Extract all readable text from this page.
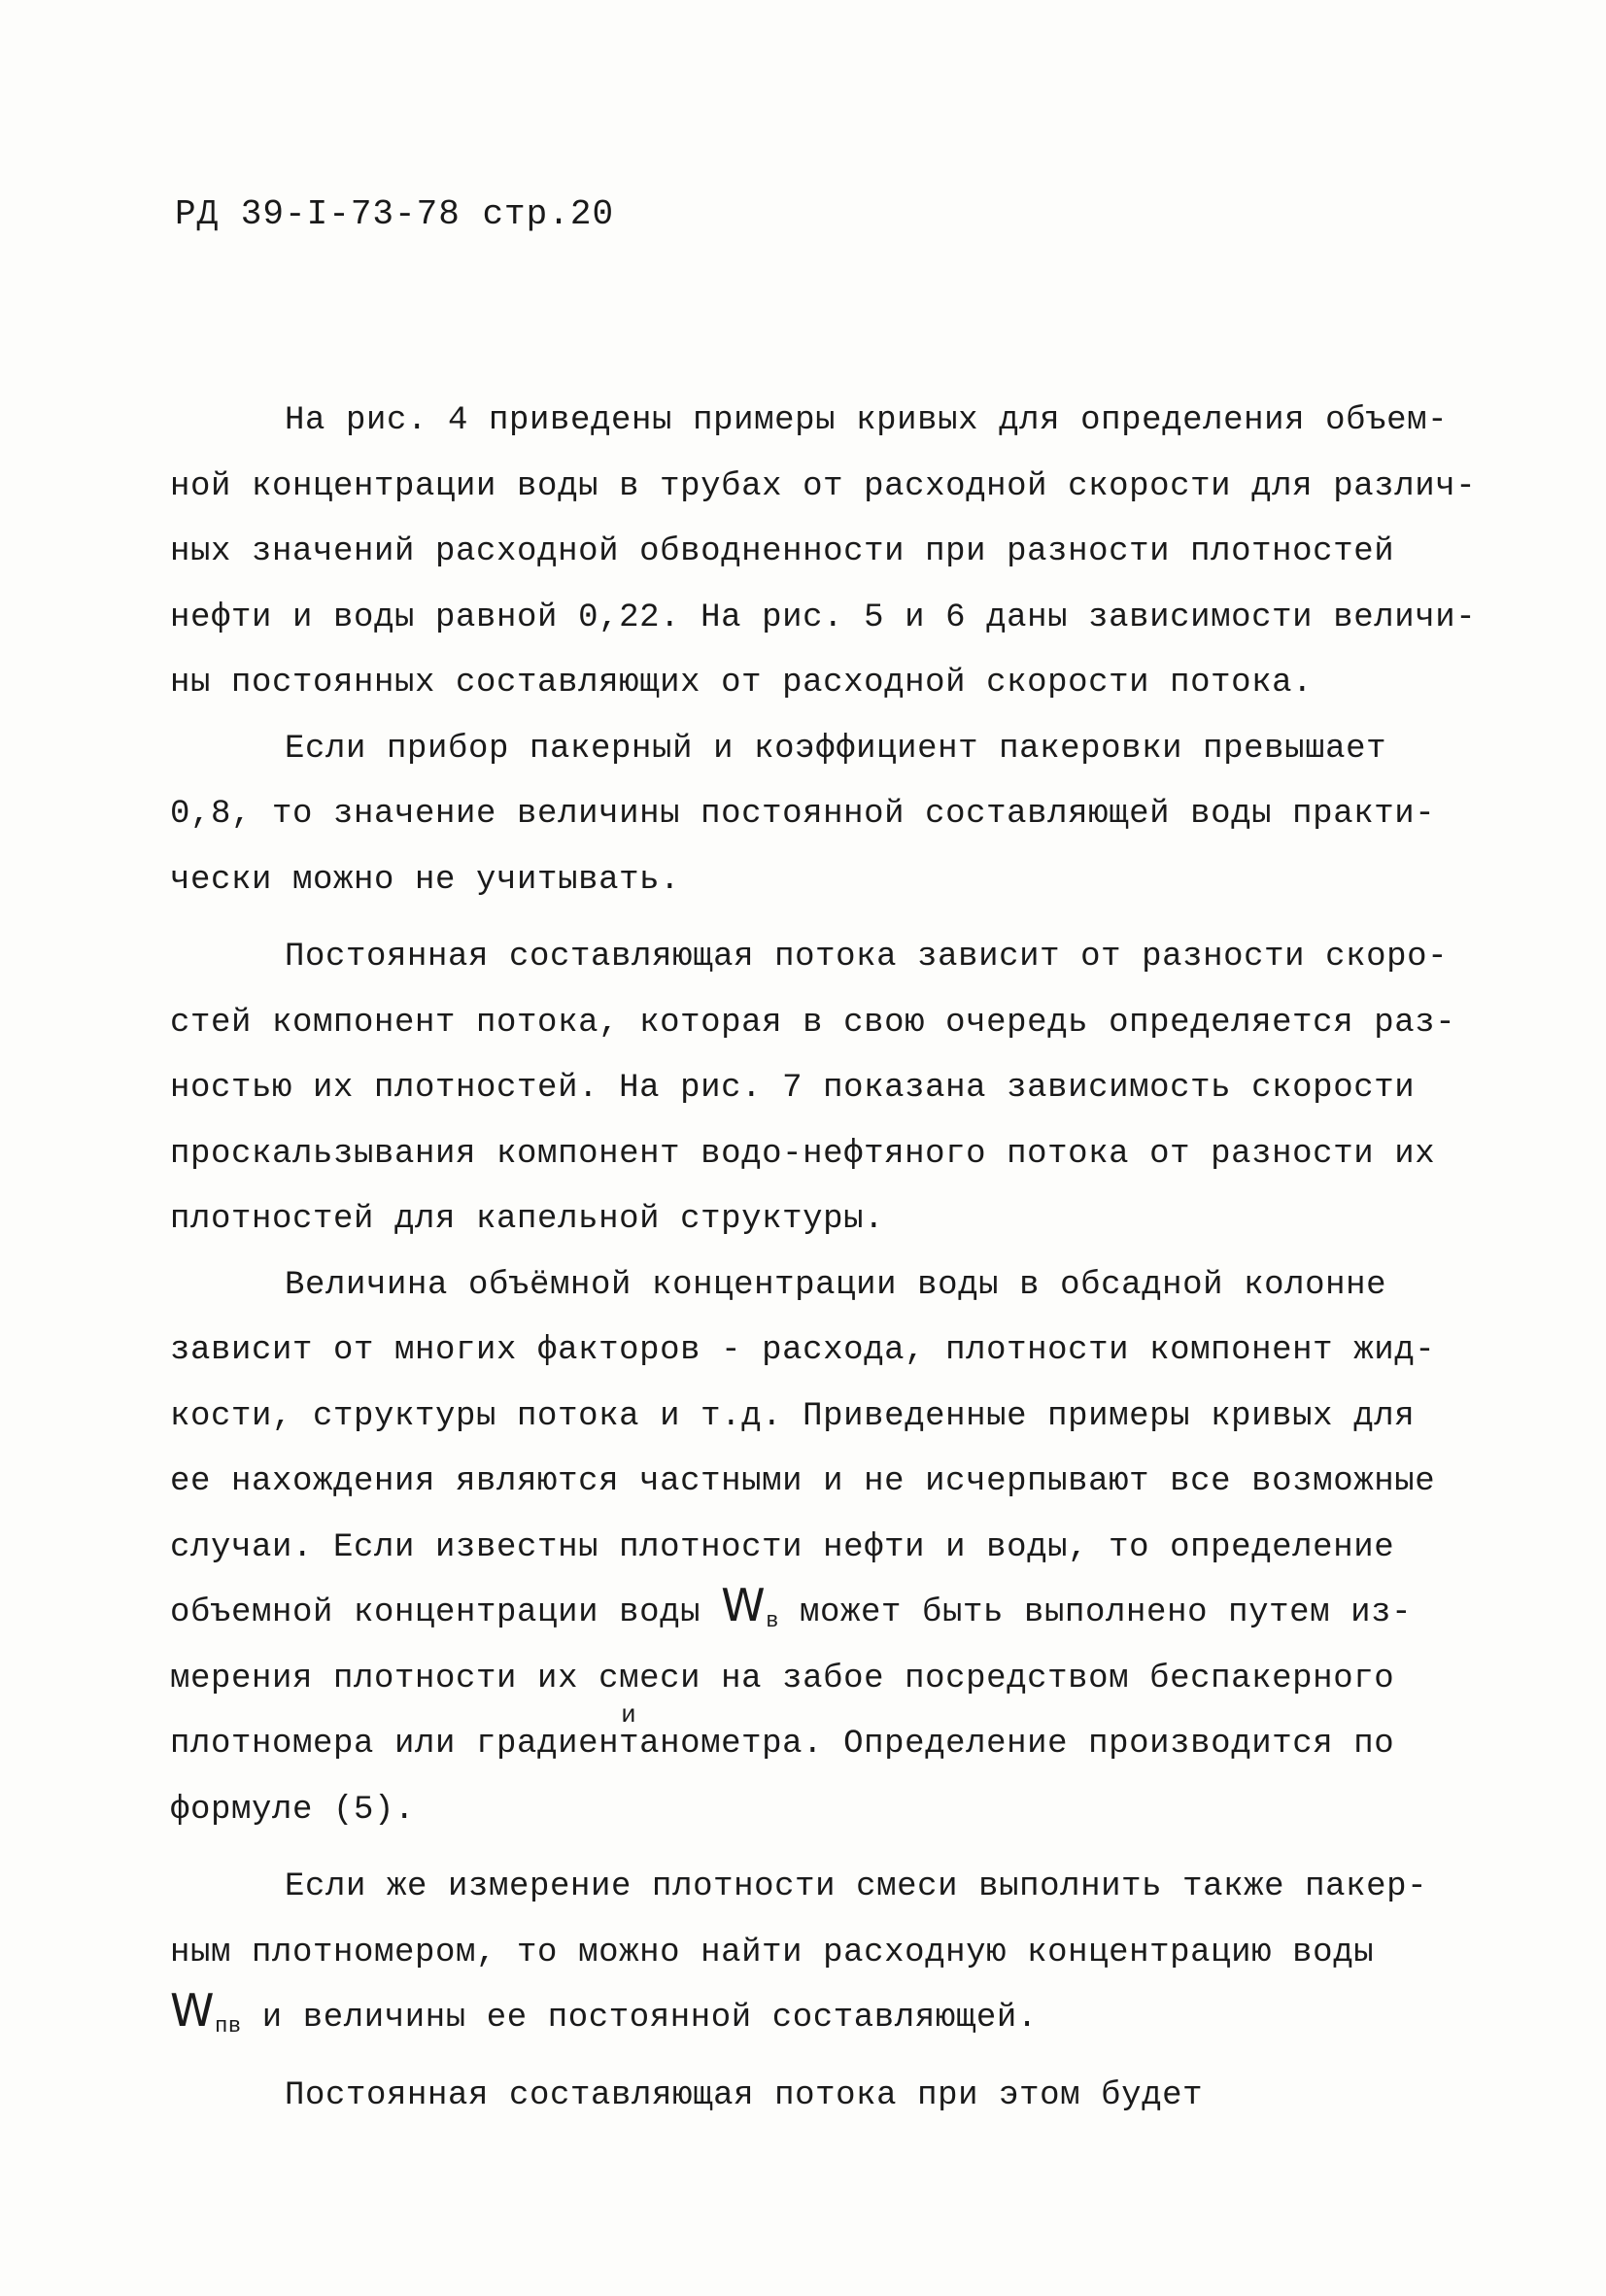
РД 39-I-73-78 стр.20
На рис. 4 приведены примеры кривых для определения объем-
ной концентрации воды в трубах от расходной скорости для различ-
ных значений расходной обводненности при разности плотностей
нефти и воды равной 0,22. На рис. 5 и 6 даны зависимости величи-
ны постоянных составляющих от расходной скорости потока.
Если прибор пакерный и коэффициент пакеровки превышает
0,8, то значение величины постоянной составляющей воды практи-
чески можно не учитывать.
Постоянная составляющая потока зависит от разности скоро-
стей компонент потока, которая в свою очередь определяется раз-
ностью их плотностей. На рис. 7 показана зависимость скорости
проскальзывания компонент водо-нефтяного потока от разности их
плотностей для капельной структуры.
Величина объёмной концентрации воды в обсадной колонне
зависит от многих факторов - расхода, плотности компонент жид-
кости, структуры потока и т.д. Приведенные примеры кривых для
ее нахождения являются частными и не исчерпывают все возможные
случаи. Если известны плотности нефти и воды, то определение
объемной концентрации воды $W_в$ может быть выполнено путем из-
мерения плотности их смеси на забое посредством беспакерного
плотномера или градиен
и
танометра. Определение производится по
формуле (5).
Если же измерение плотности смеси выполнить также пакер-
ным плотномером, то можно найти расходную концентрацию воды
$W_{пв}$ и величины ее постоянной составляющей.
Постоянная составляющая потока при этом будет
